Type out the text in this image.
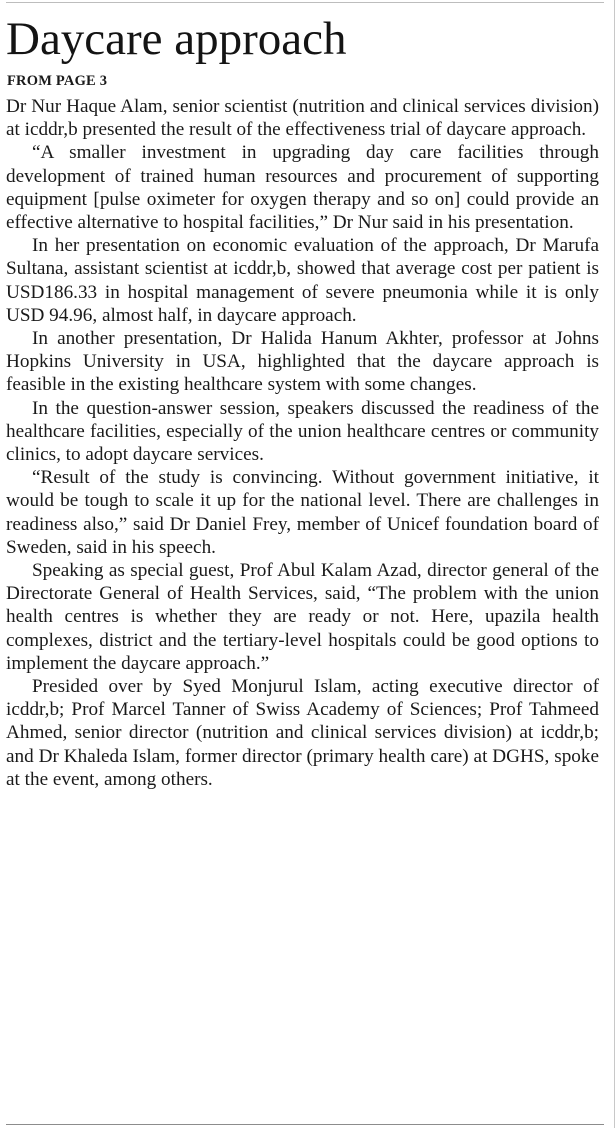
Daycare approach
FROM PAGE 3

Dr Nur Haque Alam, senior scientist (nutrition and clinical services division) at icddr,b presented the result of the effectiveness trial of daycare approach.

“A smaller investment in upgrading day care facilities through development of trained human resources and procurement of supporting equipment [pulse oximeter for oxygen therapy and so on] could provide an effective alternative to hospital facilities,” Dr Nur said in his presentation.

In her presentation on economic evaluation of the approach, Dr Marufa Sultana, assistant scientist at icddr,b, showed that average cost per patient is USD186.33 in hospital management of severe pneumonia while it is only USD 94.96, almost half, in daycare approach.

In another presentation, Dr Halida Hanum Akhter, professor at Johns Hopkins University in USA, highlighted that the daycare approach is feasible in the existing healthcare system with some changes.

In the question-answer session, speakers discussed the readiness of the healthcare facilities, especially of the union healthcare centres or community clinics, to adopt daycare services.

“Result of the study is convincing. Without government initiative, it would be tough to scale it up for the national level. There are challenges in readiness also,” said Dr Daniel Frey, member of Unicef foundation board of Sweden, said in his speech.

Speaking as special guest, Prof Abul Kalam Azad, director general of the Directorate General of Health Services, said, “The problem with the union health centres is whether they are ready or not. Here, upazila health complexes, district and the tertiary-level hospitals could be good options to implement the daycare approach.”

Presided over by Syed Monjurul Islam, acting executive director of icddr,b; Prof Marcel Tanner of Swiss Academy of Sciences; Prof Tahmeed Ahmed, senior director (nutrition and clinical services division) at icddr,b; and Dr Khaleda Islam, former director (primary health care) at DGHS, spoke at the event, among others.
